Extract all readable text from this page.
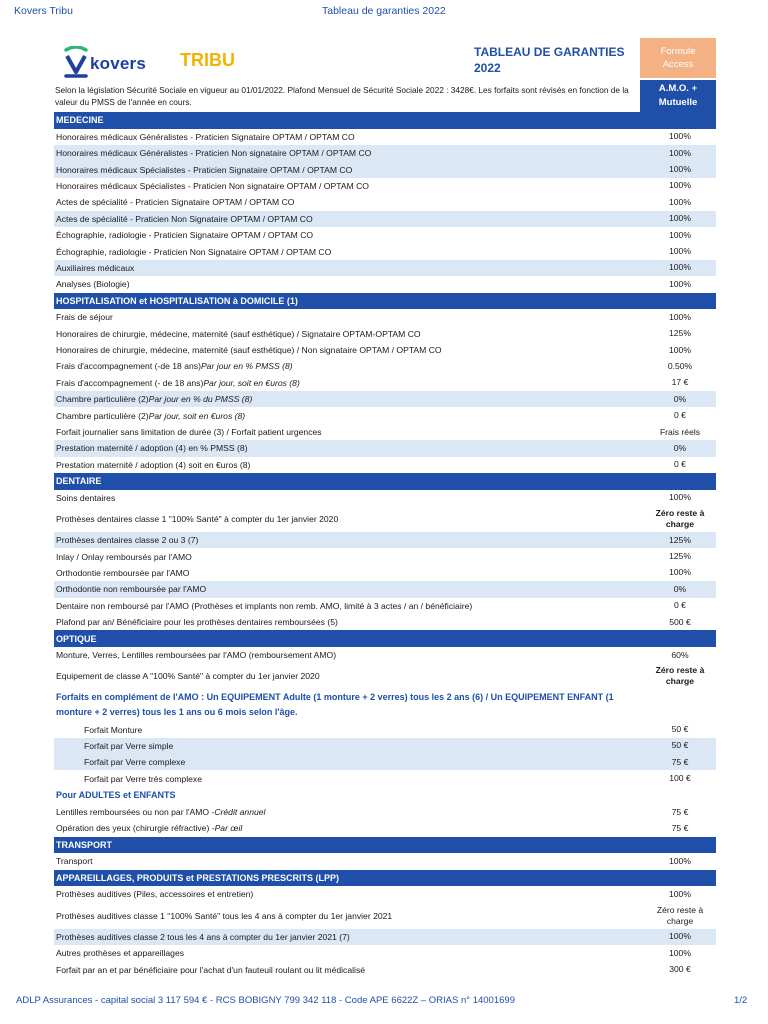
Kovers Tribu	Tableau de garanties 2022
kovers TRIBU	TABLEAU DE GARANTIES
2022
Formule
Access
Selon la législation Sécurité Sociale en vigueur au 01/01/2022. Plafond Mensuel de Sécurité Sociale 2022 : 3428€. Les forfaits sont révisés en fonction de la valeur du PMSS de l'année en cours.
A.M.O. +
Mutuelle
MEDECINE
Honoraires médicaux Généralistes - Praticien Signataire OPTAM / OPTAM CO	100%
Honoraires médicaux Généralistes - Praticien Non signataire OPTAM / OPTAM CO	100%
Honoraires médicaux Spécialistes - Praticien Signataire OPTAM / OPTAM CO	100%
Honoraires médicaux Spécialistes - Praticien Non signataire OPTAM / OPTAM CO	100%
Actes de spécialité - Praticien Signataire OPTAM / OPTAM CO	100%
Actes de spécialité - Praticien Non Signataire OPTAM / OPTAM CO	100%
Échographie, radiologie - Praticien Signataire OPTAM / OPTAM CO	100%
Échographie, radiologie - Praticien Non Signataire OPTAM / OPTAM CO	100%
Auxiliaires médicaux	100%
Analyses (Biologie)	100%
HOSPITALISATION et HOSPITALISATION à DOMICILE (1)
Frais de séjour	100%
Honoraires de chirurgie, médecine, maternité (sauf esthétique) / Signataire OPTAM-OPTAM CO	125%
Honoraires de chirurgie, médecine, maternité (sauf esthétique) / Non signataire OPTAM / OPTAM CO	100%
Frais d'accompagnement (-de 18 ans) Par jour en % PMSS (8)	0.50%
Frais d'accompagnement (- de 18 ans) Par jour, soit en €uros (8)	17 €
Chambre particulière (2) Par jour en % du PMSS (8)	0%
Chambre particulière (2) Par jour, soit en €uros (8)	0 €
Forfait journalier sans limitation de durée (3) / Forfait patient urgences	Frais réels
Prestation maternité / adoption (4) en % PMSS (8)	0%
Prestation maternité / adoption (4) soit en €uros (8)	0 €
DENTAIRE
Soins dentaires	100%
Prothèses dentaires classe 1 "100% Santé" à compter du 1er janvier 2020
Zéro reste à charge
Prothèses dentaires classe 2 ou 3 (7)	125%
Inlay / Onlay remboursés par l'AMO	125%
Orthodontie remboursée par l'AMO	100%
Orthodontie non remboursée par l'AMO	0%
Dentaire non remboursé par l'AMO (Prothèses et implants non remb. AMO, limité à 3 actes / an / bénéficiaire)	0 €
Plafond par an/ Bénéficiaire pour les prothèses dentaires remboursées (5)	500 €
OPTIQUE
Monture, Verres, Lentilles remboursées par l'AMO (remboursement AMO)	60%
Equipement de classe A "100% Santé" à compter du 1er janvier 2020
Zéro reste à charge
Forfaits en complément de l'AMO : Un EQUIPEMENT Adulte (1 monture + 2 verres) tous les 2 ans (6) / Un EQUIPEMENT ENFANT (1 monture + 2 verres) tous les 1 ans ou 6 mois selon l'âge.
Forfait Monture	50 €
Forfait par Verre simple	50 €
Forfait par Verre complexe	75 €
Forfait par Verre très complexe	100 €
Pour ADULTES et ENFANTS
Lentilles remboursées ou non par l'AMO - Crédit annuel	75 €
Opération des yeux (chirurgie réfractive) - Par œil	75 €
TRANSPORT
Transport	100%
APPAREILLAGES, PRODUITS et PRESTATIONS PRESCRITS (LPP)
Prothèses auditives (Piles, accessoires et entretien)	100%
Prothèses auditives classe 1 "100% Santé" tous les 4 ans à compter du 1er janvier 2021
Zéro reste à charge
Prothèses auditives classe 2 tous les 4 ans à compter du 1er janvier 2021 (7)	100%
Autres prothèses et appareillages	100%
Forfait par an et par bénéficiaire pour l'achat d'un fauteuil roulant ou lit médicalisé	300 €
ADLP Assurances - capital social 3 117 594 € - RCS BOBIGNY 799 342 118 - Code APE 6622Z – ORIAS n° 14001699	1/2
